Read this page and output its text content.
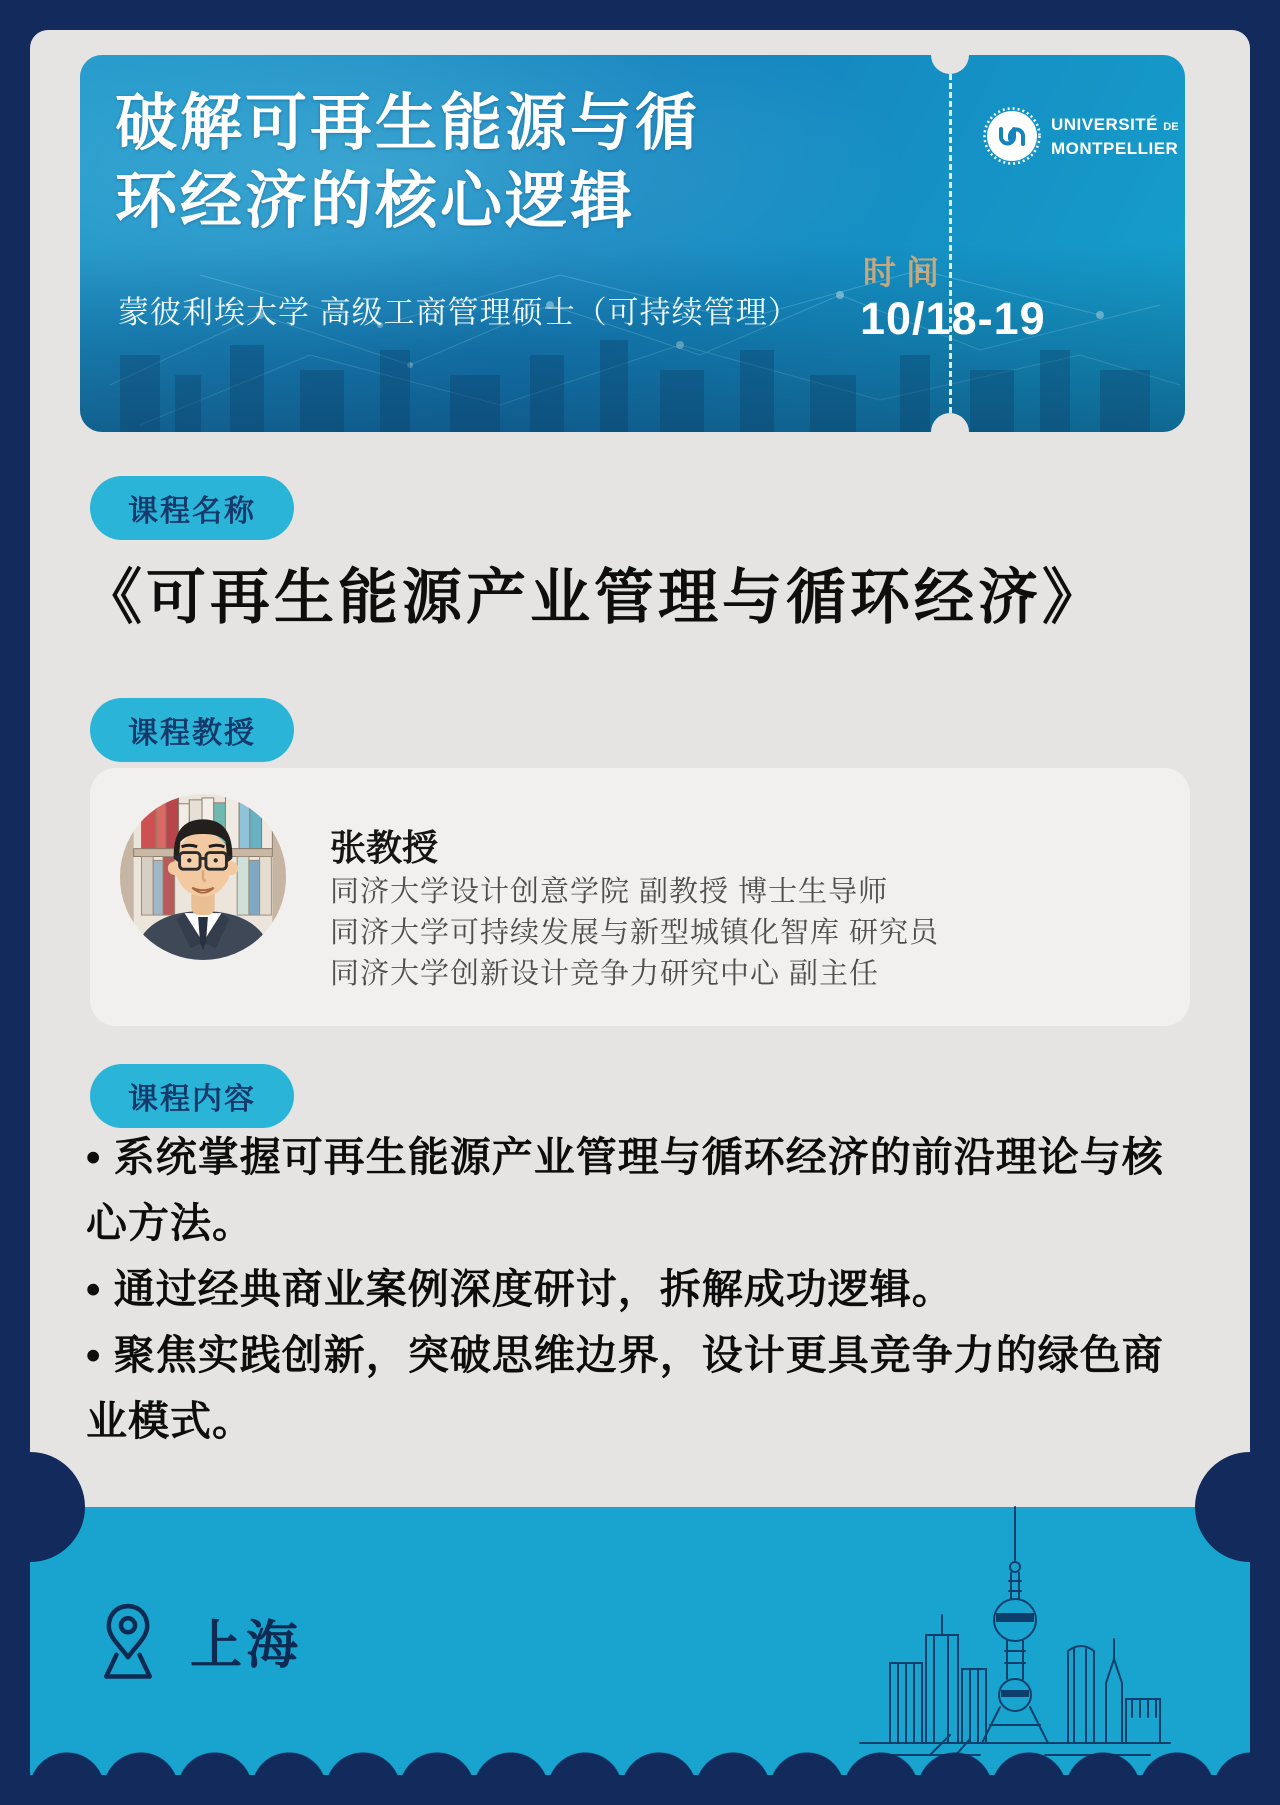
破解可再生能源与循
环经济的核心逻辑
蒙彼利埃大学 高级工商管理硕士（可持续管理）
UNIVERSITÉ DE
MONTPELLIER
时间
10/18-19
课程名称
《可再生能源产业管理与循环经济》
课程教授
张教授

同济大学设计创意学院 副教授 博士生导师

同济大学可持续发展与新型城镇化智库 研究员

同济大学创新设计竞争力研究中心 副主任

课程内容

• 系统掌握可再生能源产业管理与循环经济的前沿理论与核心方法。

• 通过经典商业案例深度研讨，拆解成功逻辑。

• 聚焦实践创新，突破思维边界，设计更具竞争力的绿色商业模式。

上海
